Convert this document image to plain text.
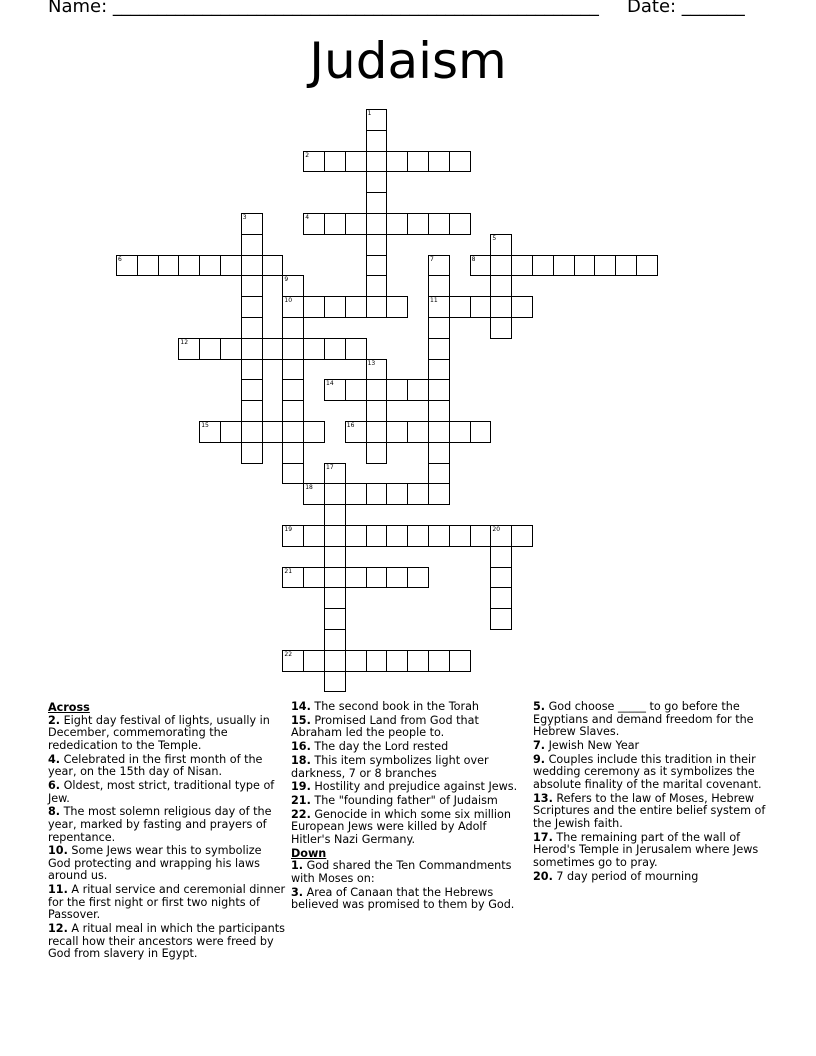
Name: ______________________________________________________ Date: _______
Judaism
1
2
3	4
5
6	7
11
8
9
10
12
13
14
15	16
17
18
19	20
21
22
Across
2. Eight day festival of lights, usually in December, commemorating the rededication to the Temple.
4. Celebrated in the first month of the year, on the 15th day of Nisan.
6. Oldest, most strict, traditional type of Jew.
8. The most solemn religious day of the year, marked by fasting and prayers of repentance.
10. Some Jews wear this to symbolize God protecting and wrapping his laws around us.
11. A ritual service and ceremonial dinner for the first night or first two nights of Passover.
12. A ritual meal in which the participants recall how their ancestors were freed by God from slavery in Egypt.
14. The second book in the Torah
15. Promised Land from God that Abraham led the people to.
16. The day the Lord rested
18. This item symbolizes light over darkness, 7 or 8 branches
19. Hostility and prejudice against Jews.
21. The "founding father" of Judaism
22. Genocide in which some six million European Jews were killed by Adolf Hitler's Nazi Germany.
Down
1. God shared the Ten Commandments with Moses on:
3. Area of Canaan that the Hebrews believed was promised to them by God.
5. God choose _____ to go before the Egyptians and demand freedom for the Hebrew Slaves.
7. Jewish New Year
9. Couples include this tradition in their wedding ceremony as it symbolizes the absolute finality of the marital covenant.
13. Refers to the law of Moses, Hebrew Scriptures and the entire belief system of the Jewish faith.
17. The remaining part of the wall of Herod's Temple in Jerusalem where Jews sometimes go to pray.
20. 7 day period of mourning
